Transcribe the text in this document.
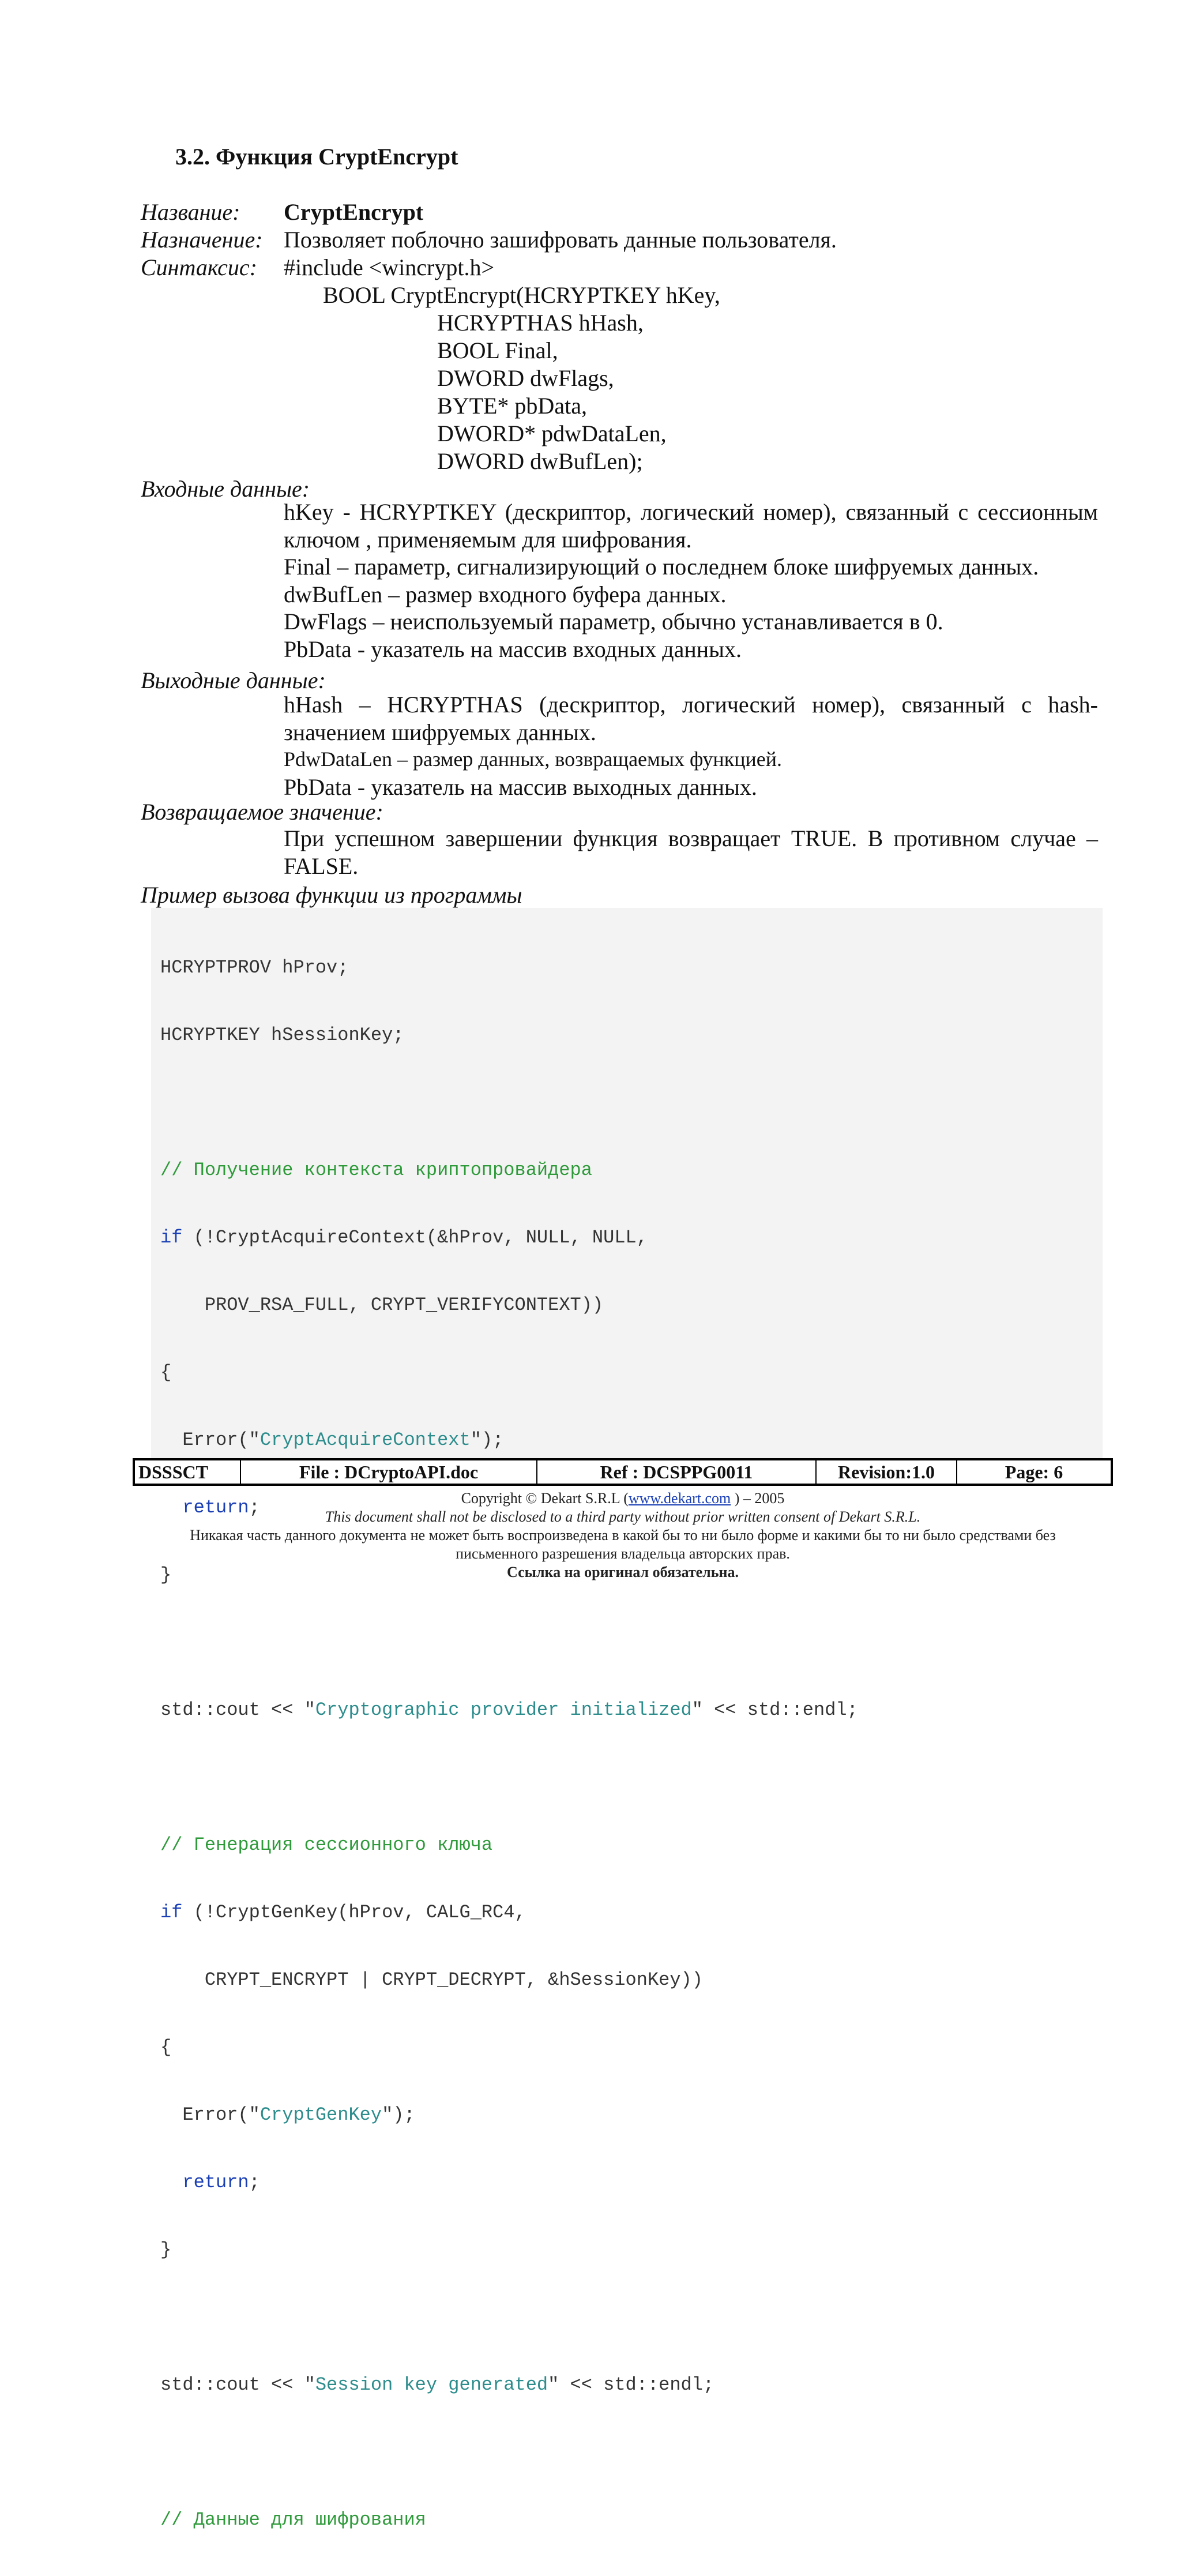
3.2. Функция CryptEncrypt
Название: CryptEncrypt
Назначение: Позволяет поблочно зашифровать данные пользователя.
Синтаксис: #include <wincrypt.h>
BOOL CryptEncrypt(HCRYPTKEY hKey,
HCRYPTHAS hHash,
BOOL Final,
DWORD dwFlags,
BYTE* pbData,
DWORD* pdwDataLen,
DWORD dwBufLen);
Входные данные:

hKey - HCRYPTKEY (дескриптор, логический номер), связанный с сессионным ключом , применяемым для шифрования.

Final – параметр, сигнализирующий о последнем блоке шифруемых данных.

dwBufLen – размер входного буфера данных.

DwFlags – неиспользуемый параметр, обычно устанавливается в 0.

PbData - указатель на массив входных данных.

Выходные данные:

hHash – HCRYPTHAS (дескриптор, логический номер), связанный с hash-значением шифруемых данных.

PdwDataLen – размер данных, возвращаемых функцией.

PbData - указатель на массив выходных данных.

Возвращаемое значение:

При успешном завершении функция возвращает TRUE. В противном случае – FALSE.

Пример вызова функции из программы

HCRYPTPROV hProv;

HCRYPTKEY hSessionKey;

// Получение контекста криптопровайдера

if (!CryptAcquireContext(&hProv, NULL, NULL,

PROV_RSA_FULL, CRYPT_VERIFYCONTEXT))

{

Error("CryptAcquireContext");

return;

}

std::cout << "Cryptographic provider initialized" << std::endl;

// Генерация сессионного ключа

if (!CryptGenKey(hProv, CALG_RC4,

CRYPT_ENCRYPT | CRYPT_DECRYPT, &hSessionKey))

{

Error("CryptGenKey");

return;

}

std::cout << "Session key generated" << std::endl;

// Данные для шифрования

DSSSCT	File : DCryptoAPI.doc	Ref : DCSPPG0011	Revision:1.0	Page: 6
Copyright © Dekart S.R.L (www.dekart.com ) – 2005
This document shall not be disclosed to a third party without prior written consent of Dekart S.R.L.
Никакая часть данного документа не может быть воспроизведена в какой бы то ни было форме и какими бы то ни было средствами без письменного разрешения владельца авторских прав.
Ссылка на оригинал обязательна.
